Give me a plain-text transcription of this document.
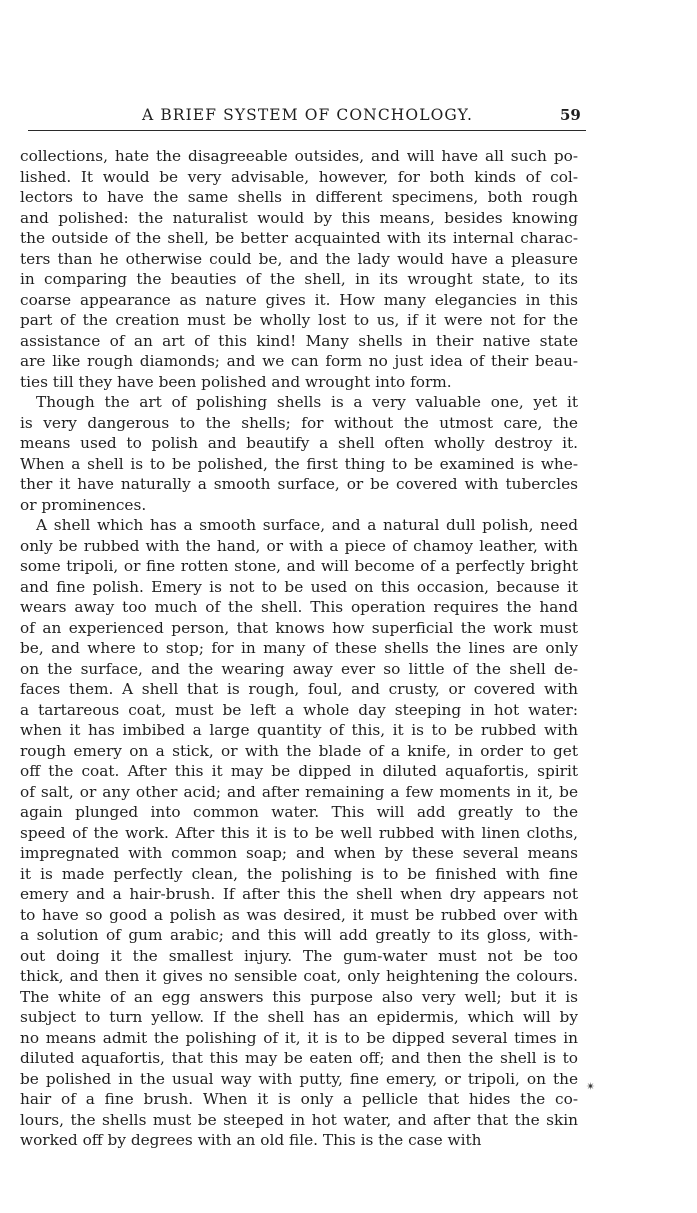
A BRIEF SYSTEM OF CONCHOLOGY.	59
collections, hate the disagreeable outsides, and will have all such po-
lished. It would be very advisable, however, for both kinds of col-
lectors to have the same shells in different specimens, both rough
and polished: the naturalist would by this means, besides knowing
the outside of the shell, be better acquainted with its internal charac-
ters than he otherwise could be, and the lady would have a pleasure
in comparing the beauties of the shell, in its wrought state, to its
coarse appearance as nature gives it. How many elegancies in this
part of the creation must be wholly lost to us, if it were not for the
assistance of an art of this kind! Many shells in their native state
are like rough diamonds; and we can form no just idea of their beau-
ties till they have been polished and wrought into form.
Though the art of polishing shells is a very valuable one, yet it
is very dangerous to the shells; for without the utmost care, the
means used to polish and beautify a shell often wholly destroy it.
When a shell is to be polished, the first thing to be examined is whe-
ther it have naturally a smooth surface, or be covered with tubercles
or prominences.
A shell which has a smooth surface, and a natural dull polish, need
only be rubbed with the hand, or with a piece of chamoy leather, with
some tripoli, or fine rotten stone, and will become of a perfectly bright
and fine polish. Emery is not to be used on this occasion, because it
wears away too much of the shell. This operation requires the hand
of an experienced person, that knows how superficial the work must
be, and where to stop; for in many of these shells the lines are only
on the surface, and the wearing away ever so little of the shell de-
faces them. A shell that is rough, foul, and crusty, or covered with
a tartareous coat, must be left a whole day steeping in hot water:
when it has imbibed a large quantity of this, it is to be rubbed with
rough emery on a stick, or with the blade of a knife, in order to get
off the coat. After this it may be dipped in diluted aquafortis, spirit
of salt, or any other acid; and after remaining a few moments in it, be
again plunged into common water. This will add greatly to the
speed of the work. After this it is to be well rubbed with linen cloths,
impregnated with common soap; and when by these several means
it is made perfectly clean, the polishing is to be finished with fine
emery and a hair-brush. If after this the shell when dry appears not
to have so good a polish as was desired, it must be rubbed over with
a solution of gum arabic; and this will add greatly to its gloss, with-
out doing it the smallest injury. The gum-water must not be too
thick, and then it gives no sensible coat, only heightening the colours.
The white of an egg answers this purpose also very well; but it is
subject to turn yellow. If the shell has an epidermis, which will by
no means admit the polishing of it, it is to be dipped several times in
diluted aquafortis, that this may be eaten off; and then the shell is to
be polished in the usual way with putty, fine emery, or tripoli, on the
hair of a fine brush. When it is only a pellicle that hides the co-
lours, the shells must be steeped in hot water, and after that the skin
worked off by degrees with an old file. This is the case with
✴
